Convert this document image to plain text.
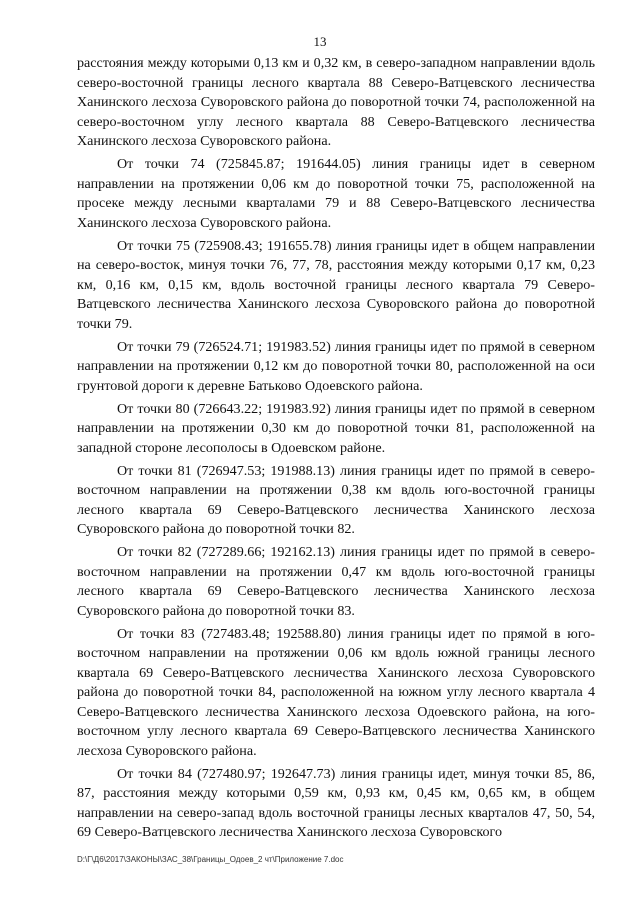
13

расстояния между которыми 0,13 км и 0,32 км, в северо-западном направлении вдоль северо-восточной границы лесного квартала 88 Северо-Ватцевского лесничества Ханинского лесхоза Суворовского района до поворотной точки 74, расположенной на северо-восточном углу лесного квартала 88 Северо-Ватцевского лесничества Ханинского лесхоза Суворовского района.

От точки 74 (725845.87; 191644.05) линия границы идет в северном направлении на протяжении 0,06 км до поворотной точки 75, расположенной на просеке между лесными кварталами 79 и 88 Северо-Ватцевского лесничества Ханинского лесхоза Суворовского района.

От точки 75 (725908.43; 191655.78) линия границы идет в общем направлении на северо-восток, минуя точки 76, 77, 78, расстояния между которыми 0,17 км, 0,23 км, 0,16 км, 0,15 км, вдоль восточной границы лесного квартала 79 Северо-Ватцевского лесничества Ханинского лесхоза Суворовского района до поворотной точки 79.

От точки 79 (726524.71; 191983.52) линия границы идет по прямой в северном направлении на протяжении 0,12 км до поворотной точки 80, расположенной на оси грунтовой дороги к деревне Батьково Одоевского района.

От точки 80 (726643.22; 191983.92) линия границы идет по прямой в северном направлении на протяжении 0,30 км до поворотной точки 81, расположенной на западной стороне лесополосы в Одоевском районе.

От точки 81 (726947.53; 191988.13) линия границы идет по прямой в северо-восточном направлении на протяжении 0,38 км вдоль юго-восточной границы лесного квартала 69 Северо-Ватцевского лесничества Ханинского лесхоза Суворовского района до поворотной точки 82.

От точки 82 (727289.66; 192162.13) линия границы идет по прямой в северо-восточном направлении на протяжении 0,47 км вдоль юго-восточной границы лесного квартала 69 Северо-Ватцевского лесничества Ханинского лесхоза Суворовского района до поворотной точки 83.

От точки 83 (727483.48; 192588.80) линия границы идет по прямой в юго-восточном направлении на протяжении 0,06 км вдоль южной границы лесного квартала 69 Северо-Ватцевского лесничества Ханинского лесхоза Суворовского района до поворотной точки 84, расположенной на южном углу лесного квартала 4 Северо-Ватцевского лесничества Ханинского лесхоза Одоевского района, на юго-восточном углу лесного квартала 69 Северо-Ватцевского лесничества Ханинского лесхоза Суворовского района.

От точки 84 (727480.97; 192647.73) линия границы идет, минуя точки 85, 86, 87, расстояния между которыми 0,59 км, 0,93 км, 0,45 км, 0,65 км, в общем направлении на северо-запад вдоль восточной границы лесных кварталов 47, 50, 54, 69 Северо-Ватцевского лесничества Ханинского лесхоза Суворовского

D:\Г\Д6\2017\ЗАКОНЫ\ЗАС_38\Границы_Одоев_2 чт\Приложение 7.doc
